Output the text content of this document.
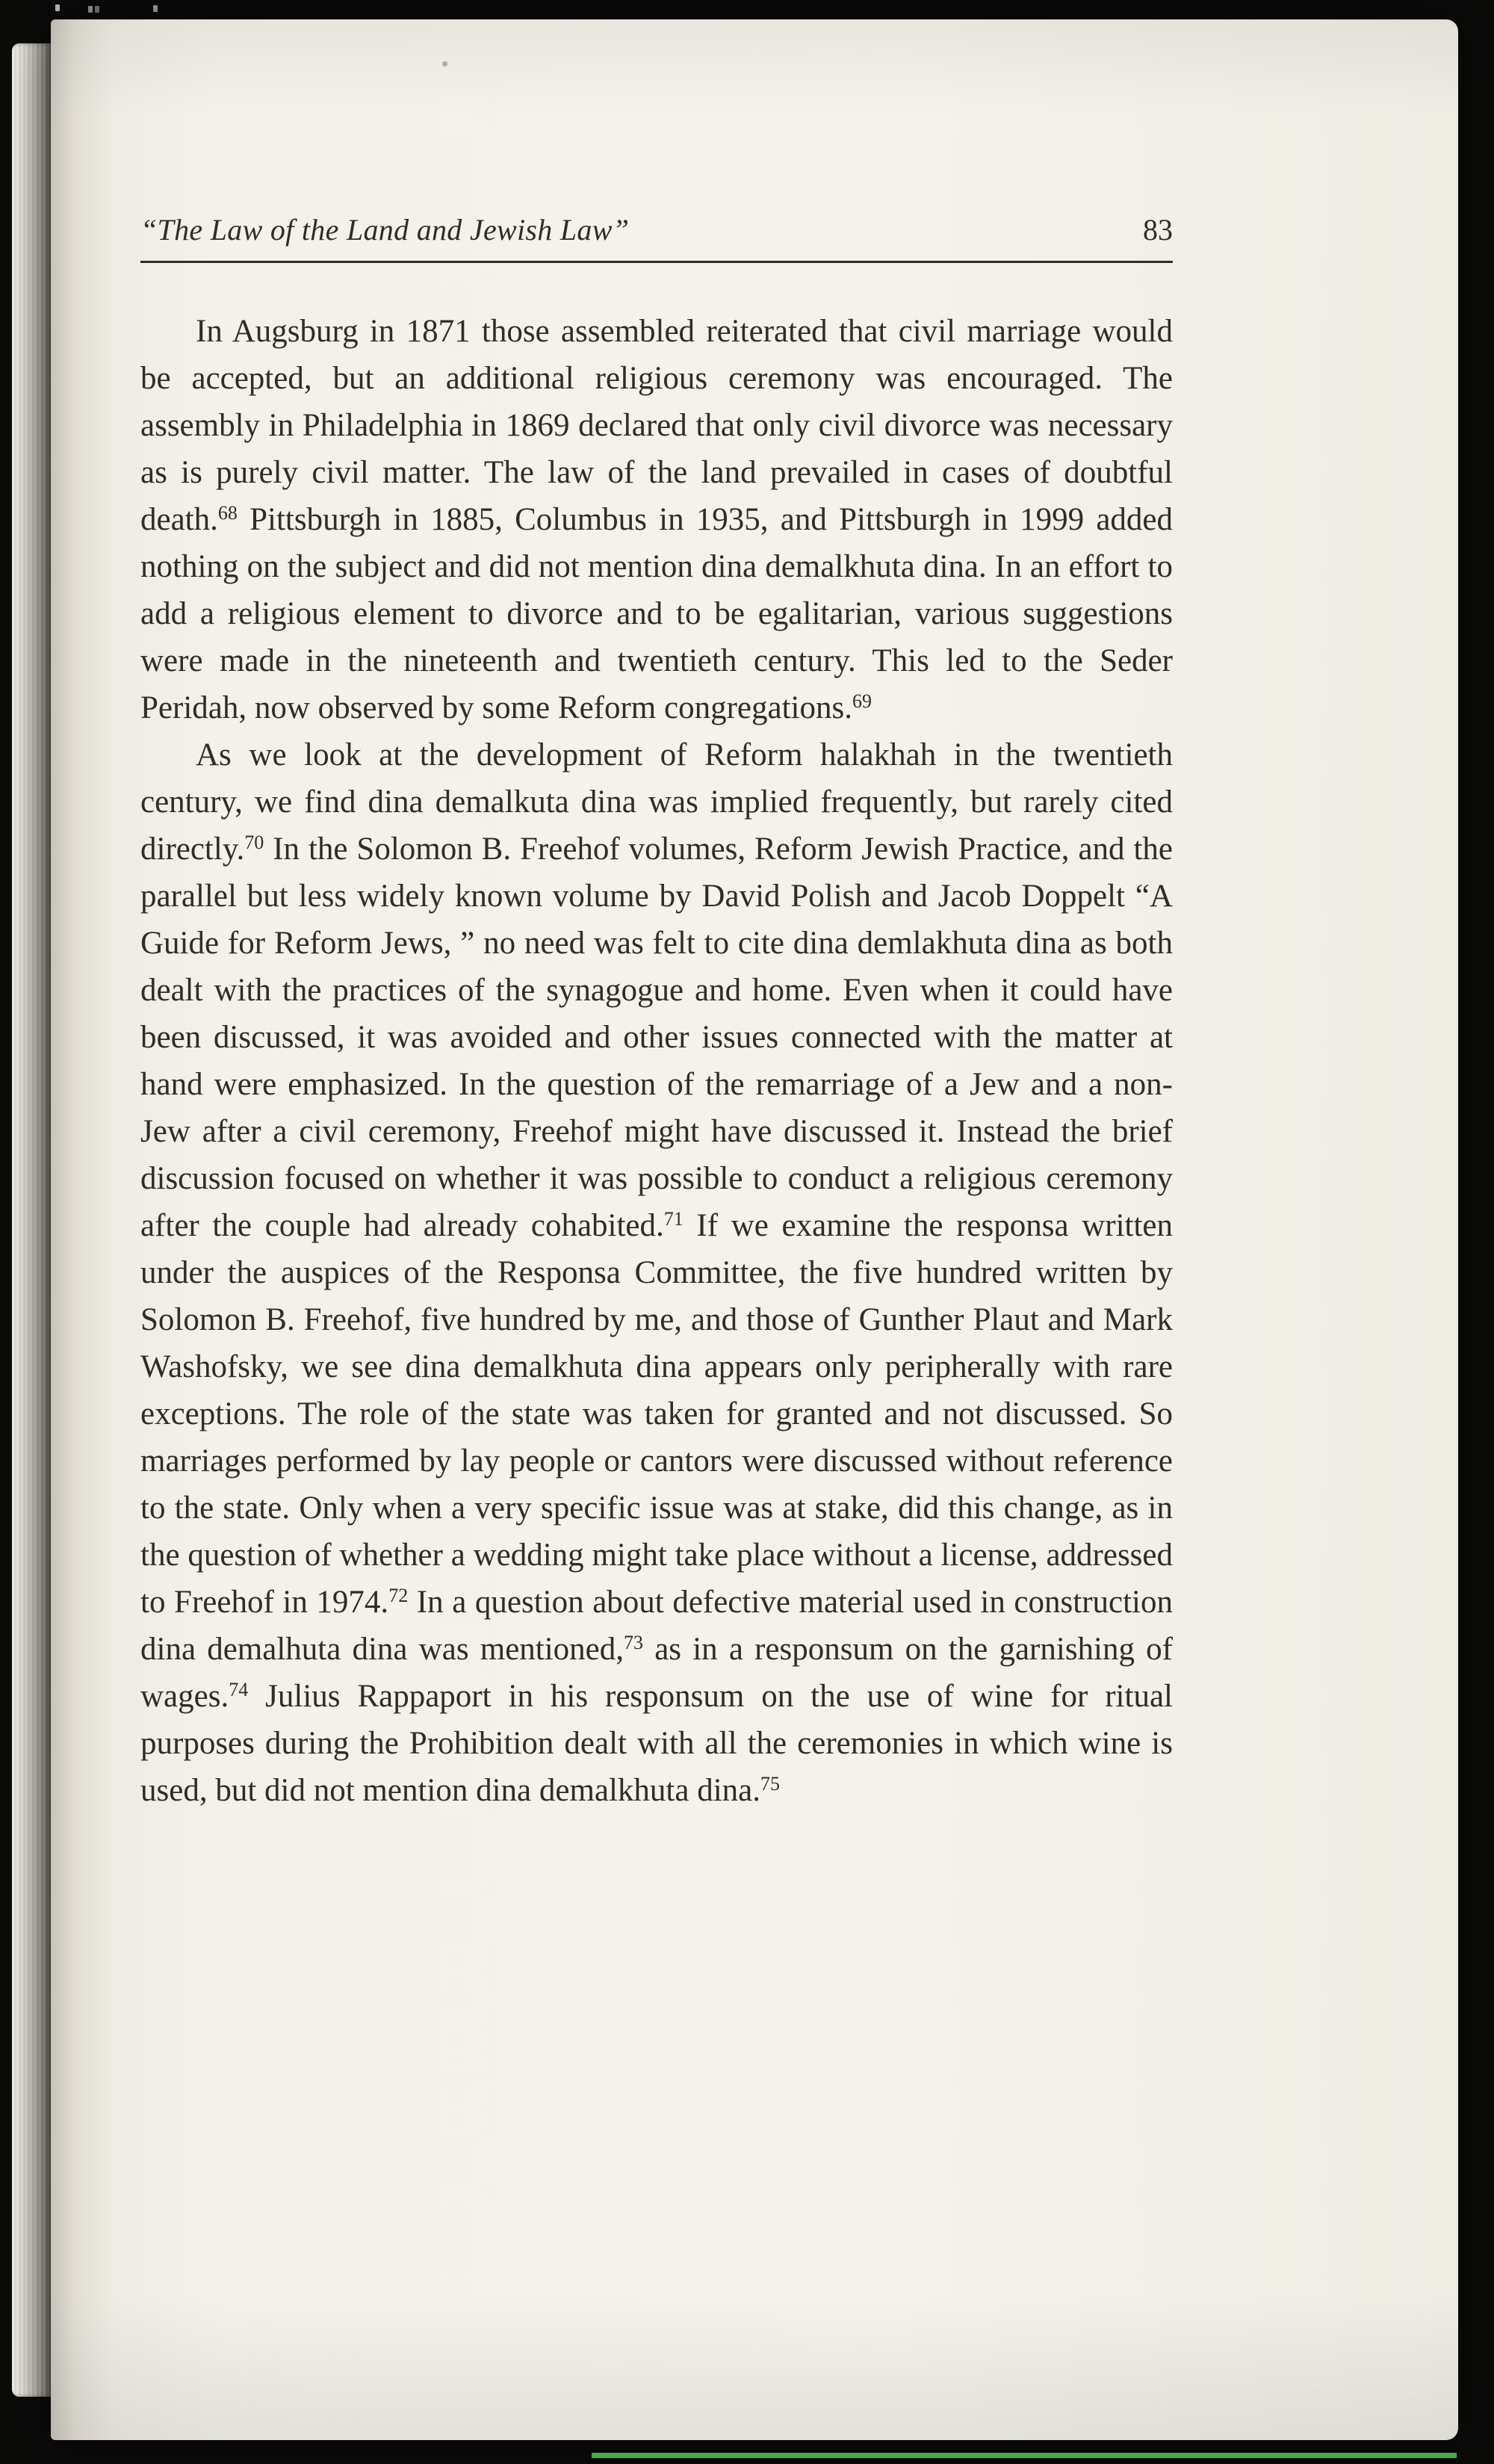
“The Law of the Land and Jewish Law”	83

In Augsburg in 1871 those assembled reiterated that civil marriage would be accepted, but an additional religious ceremony was encouraged. The assembly in Philadelphia in 1869 declared that only civil divorce was necessary as is purely civil matter. The law of the land prevailed in cases of doubtful death.$^{68}$ Pittsburgh in 1885, Columbus in 1935, and Pittsburgh in 1999 added nothing on the subject and did not mention dina demalkhuta dina. In an effort to add a religious element to divorce and to be egalitarian, various suggestions were made in the nineteenth and twentieth century. This led to the Seder Peridah, now observed by some Reform congregations.$^{69}$

As we look at the development of Reform halakhah in the twentieth century, we find dina demalkuta dina was implied frequently, but rarely cited directly.$^{70}$ In the Solomon B. Freehof volumes, Reform Jewish Practice, and the parallel but less widely known volume by David Polish and Jacob Doppelt “A Guide for Reform Jews, ” no need was felt to cite dina demlakhuta dina as both dealt with the practices of the synagogue and home. Even when it could have been discussed, it was avoided and other issues connected with the matter at hand were emphasized. In the question of the remarriage of a Jew and a non-Jew after a civil ceremony, Freehof might have discussed it. Instead the brief discussion focused on whether it was possible to conduct a religious ceremony after the couple had already cohabited.$^{71}$ If we examine the responsa written under the auspices of the Responsa Committee, the five hundred written by Solomon B. Freehof, five hundred by me, and those of Gunther Plaut and Mark Washofsky, we see dina demalkhuta dina appears only peripherally with rare exceptions. The role of the state was taken for granted and not discussed. So marriages performed by lay people or cantors were discussed without reference to the state. Only when a very specific issue was at stake, did this change, as in the question of whether a wedding might take place without a license, addressed to Freehof in 1974.72 In a question about defective material used in construction dina demalhuta dina was mentioned,$^{73}$ as in a responsum on the garnishing of wages.$^{74}$ Julius Rappaport in his responsum on the use of wine for ritual purposes during the Prohibition dealt with all the ceremonies in which wine is used, but did not mention dina demalkhuta dina.$^{75}$
